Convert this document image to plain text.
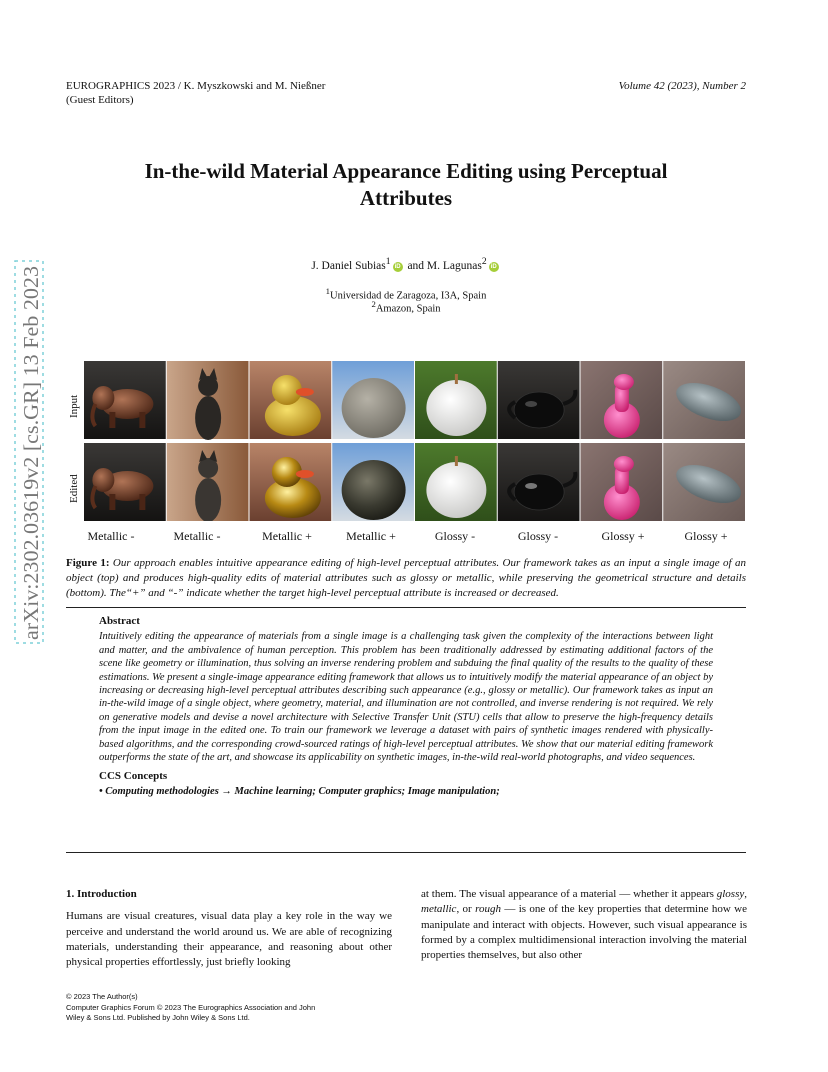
EUROGRAPHICS 2023 / K. Myszkowski and M. Nießner
(Guest Editors)
Volume 42 (2023), Number 2
In-the-wild Material Appearance Editing using Perceptual
Attributes
J. Daniel Subias$^1$ iD and M. Lagunas$^2$ iD
$^1$Universidad de Zaragoza, I3A, Spain
$^2$Amazon, Spain
arXiv:2302.03619v2 [cs.GR] 13 Feb 2023 Input
Edited
Metallic -	Metallic -	Metallic +	Metallic +	Glossy -	Glossy -	Glossy +	Glossy +
Figure 1: Our approach enables intuitive appearance editing of high-level perceptual attributes. Our framework takes as an input a single image of an object (top) and produces high-quality edits of material attributes such as glossy or metallic, while preserving the geometrical structure and details (bottom). The“+” and “-” indicate whether the target high-level perceptual attribute is increased or decreased.
Abstract

Intuitively editing the appearance of materials from a single image is a challenging task given the complexity of the interactions between light and matter, and the ambivalence of human perception. This problem has been traditionally addressed by estimating additional factors of the scene like geometry or illumination, thus solving an inverse rendering problem and subduing the final quality of the results to the quality of these estimations. We present a single-image appearance editing framework that allows us to intuitively modify the material appearance of an object by increasing or decreasing high-level perceptual attributes describing such appearance (e.g., glossy or metallic). Our framework takes as input an in-the-wild image of a single object, where geometry, material, and illumination are not controlled, and inverse rendering is not required. We rely on generative models and devise a novel architecture with Selective Transfer Unit (STU) cells that allow to preserve the high-frequency details from the input image in the edited one. To train our framework we leverage a dataset with pairs of synthetic images rendered with physically-based algorithms, and the corresponding crowd-sourced ratings of high-level perceptual attributes. We show that our material editing framework outperforms the state of the art, and showcase its applicability on synthetic images, in-the-wild real-world photographs, and video sequences.

CCS Concepts

• Computing methodologies → Machine learning; Computer graphics; Image manipulation;

1. Introduction

Humans are visual creatures, visual data play a key role in the way we perceive and understand the world around us. We are able of recognizing materials, understanding their appearance, and reasoning about other physical properties effortlessly, just briefly looking

at them. The visual appearance of a material — whether it appears glossy, metallic, or rough — is one of the key properties that determine how we manipulate and interact with objects. However, such visual appearance is formed by a complex multidimensional interaction involving the material properties themselves, but also other

© 2023 The Author(s)
Computer Graphics Forum © 2023 The Eurographics Association and John
Wiley & Sons Ltd. Published by John Wiley & Sons Ltd.
